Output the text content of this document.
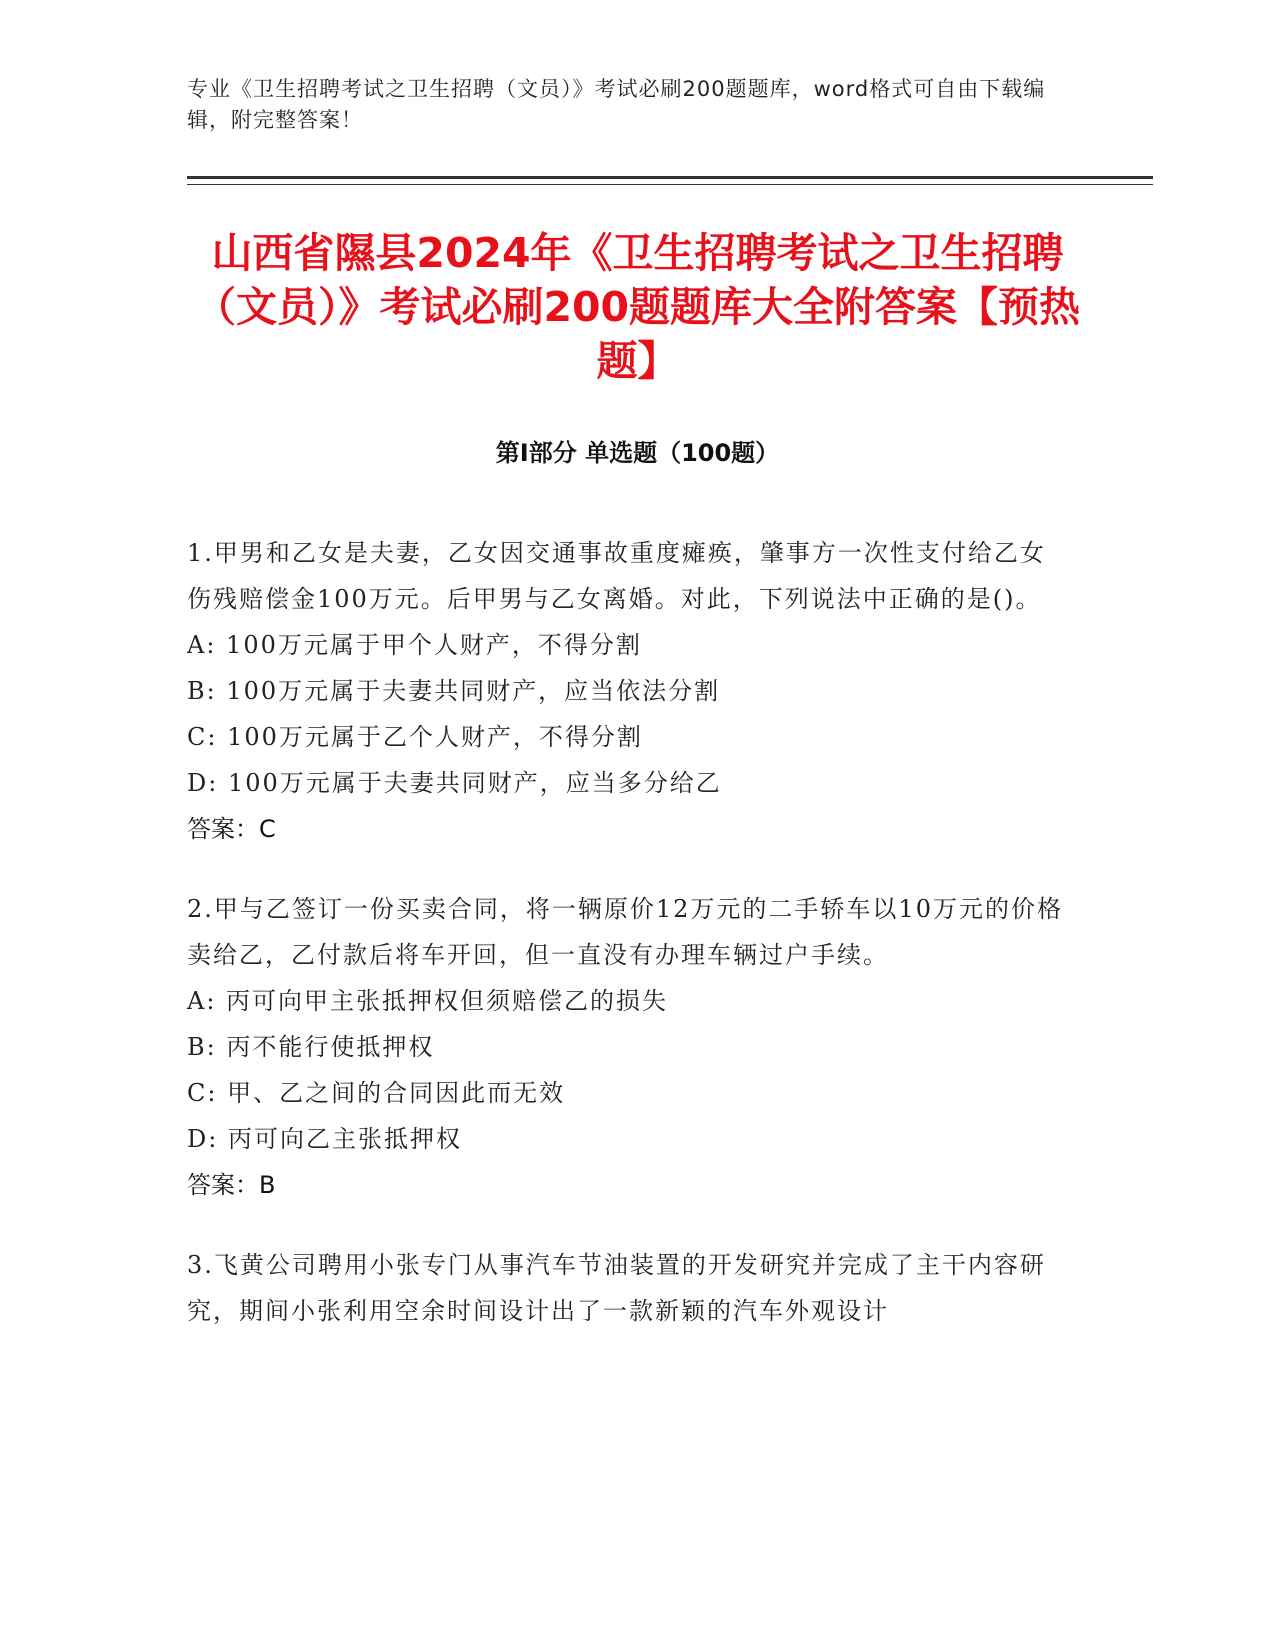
专业《卫生招聘考试之卫生招聘（文员）》考试必刷200题题库，word格式可自由下载编辑，附完整答案！
山西省隰县2024年《卫生招聘考试之卫生招聘（文员）》考试必刷200题题库大全附答案【预热题】
第Ⅰ部分 单选题（100题）
1.甲男和乙女是夫妻，乙女因交通事故重度瘫痪，肇事方一次性支付给乙女伤残赔偿金100万元。后甲男与乙女离婚。对此，下列说法中正确的是()。
A: 100万元属于甲个人财产，不得分割
B: 100万元属于夫妻共同财产，应当依法分割
C: 100万元属于乙个人财产，不得分割
D: 100万元属于夫妻共同财产，应当多分给乙
答案：C
2.甲与乙签订一份买卖合同，将一辆原价12万元的二手轿车以10万元的价格卖给乙，乙付款后将车开回，但一直没有办理车辆过户手续。
A: 丙可向甲主张抵押权但须赔偿乙的损失
B: 丙不能行使抵押权
C: 甲、乙之间的合同因此而无效
D: 丙可向乙主张抵押权
答案：B
3.飞黄公司聘用小张专门从事汽车节油装置的开发研究并完成了主干内容研究，期间小张利用空余时间设计出了一款新颖的汽车外观设计
